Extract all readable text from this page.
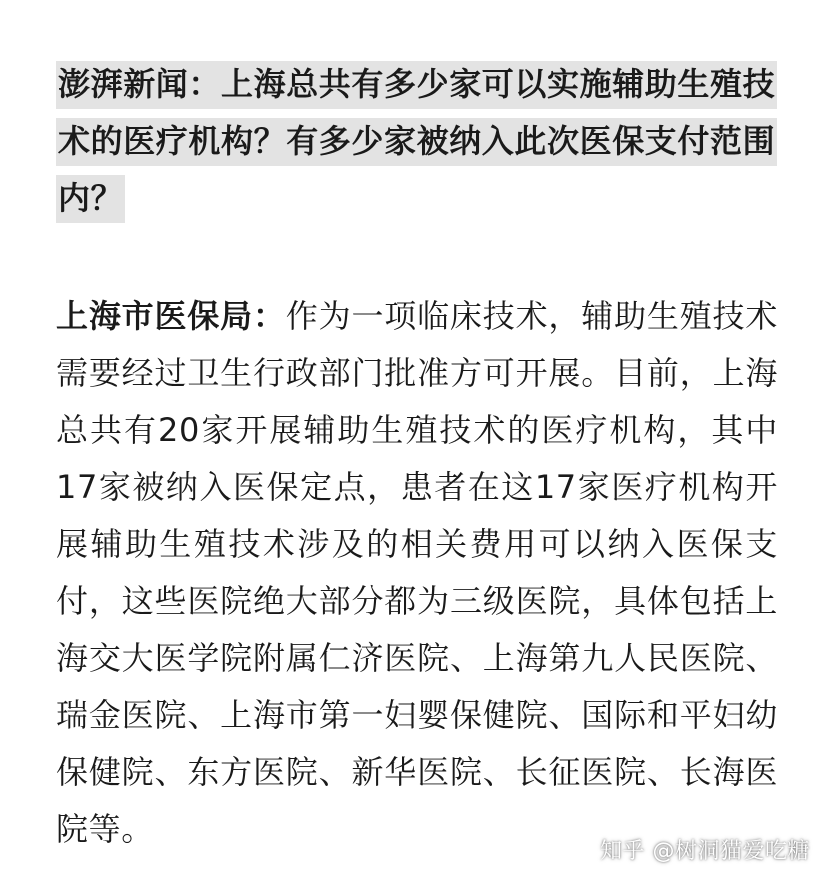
澎湃新闻：上海总共有多少家可以实施辅助生殖技术的医疗机构？有多少家被纳入此次医保支付范围内？

上海市医保局：作为一项临床技术，辅助生殖技术需要经过卫生行政部门批准方可开展。目前，上海总共有20家开展辅助生殖技术的医疗机构，其中17家被纳入医保定点，患者在这17家医疗机构开展辅助生殖技术涉及的相关费用可以纳入医保支付，这些医院绝大部分都为三级医院，具体包括上海交大医学院附属仁济医院、上海第九人民医院、瑞金医院、上海市第一妇婴保健院、国际和平妇幼保健院、东方医院、新华医院、长征医院、长海医院等。

知乎 @树洞猫爱吃糖
